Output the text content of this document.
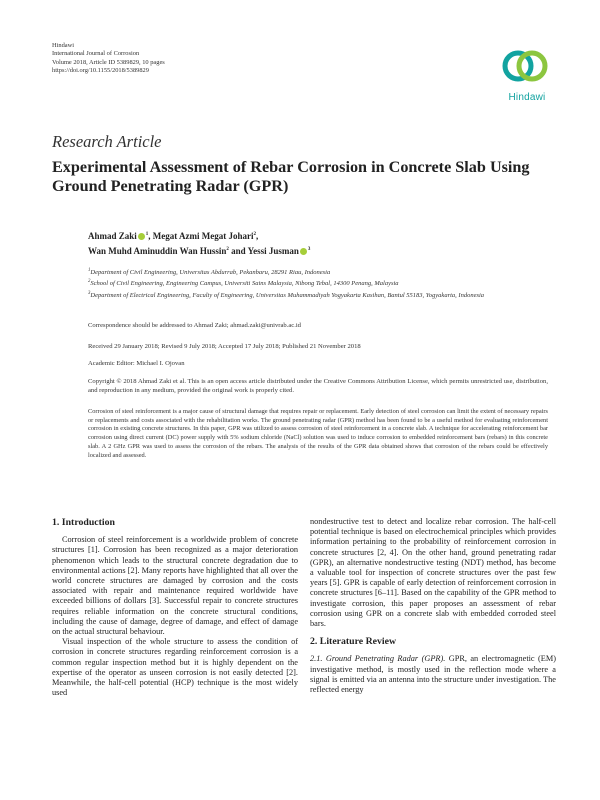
Hindawi
International Journal of Corrosion
Volume 2018, Article ID 5389829, 10 pages
https://doi.org/10.1155/2018/5389829
Hindawi
Research Article
Experimental Assessment of Rebar Corrosion in Concrete Slab Using Ground Penetrating Radar (GPR)
Ahmad Zaki $^1$, Megat Azmi Megat Johari$^2$,
Wan Muhd Aminuddin Wan Hussin$^2$ and Yessi Jusman $^3$
$^1$Department of Civil Engineering, Universitas Abdurrab, Pekanbaru, 28291 Riau, Indonesia
$^2$School of Civil Engineering, Engineering Campus, Universiti Sains Malaysia, Nibong Tebal, 14300 Penang, Malaysia
$^3$Department of Electrical Engineering, Faculty of Engineering, Universitas Muhammadiyah Yogyakarta Kasihan, Bantul 55183, Yogyakarta, Indonesia
Correspondence should be addressed to Ahmad Zaki; ahmad.zaki@univrab.ac.id
Received 29 January 2018; Revised 9 July 2018; Accepted 17 July 2018; Published 21 November 2018
Academic Editor: Michael I. Ojovan
Copyright © 2018 Ahmad Zaki et al. This is an open access article distributed under the Creative Commons Attribution License, which permits unrestricted use, distribution, and reproduction in any medium, provided the original work is properly cited.
Corrosion of steel reinforcement is a major cause of structural damage that requires repair or replacement. Early detection of steel corrosion can limit the extent of necessary repairs or replacements and costs associated with the rehabilitation works. The ground penetrating radar (GPR) method has been found to be a useful method for evaluating reinforcement corrosion in existing concrete structures. In this paper, GPR was utilized to assess corrosion of steel reinforcement in a concrete slab. A technique for accelerating reinforcement bar corrosion using direct current (DC) power supply with 5% sodium chloride (NaCl) solution was used to induce corrosion to embedded reinforcement bars (rebars) in this concrete slab. A 2 GHz GPR was used to assess the corrosion of the rebars. The analysis of the results of the GPR data obtained shows that corrosion of the rebars could be effectively localized and assessed.
1. Introduction

Corrosion of steel reinforcement is a worldwide problem of concrete structures [1]. Corrosion has been recognized as a major deterioration phenomenon which leads to the structural concrete degradation due to environmental actions [2]. Many reports have highlighted that all over the world concrete structures are damaged by corrosion and the costs associated with repair and maintenance required worldwide have exceeded billions of dollars [3]. Successful repair to concrete structures requires reliable information on the concrete structural conditions, including the cause of damage, degree of damage, and effect of damage on the actual structural behaviour.

Visual inspection of the whole structure to assess the condition of corrosion in concrete structures regarding reinforcement corrosion is a common regular inspection method but it is highly dependent on the expertise of the operator as unseen corrosion is not easily detected [2]. Meanwhile, the half-cell potential (HCP) technique is the most widely used

nondestructive test to detect and localize rebar corrosion. The half-cell potential technique is based on electrochemical principles which provides information pertaining to the probability of reinforcement corrosion in concrete structures [2, 4]. On the other hand, ground penetrating radar (GPR), an alternative nondestructive testing (NDT) method, has become a valuable tool for inspection of concrete structures over the past few years [5]. GPR is capable of early detection of reinforcement corrosion in concrete structures [6–11]. Based on the capability of the GPR method to investigate corrosion, this paper proposes an assessment of rebar corrosion using GPR on a concrete slab with embedded corroded steel bars.

2. Literature Review

2.1. Ground Penetrating Radar (GPR). GPR, an electromagnetic (EM) investigative method, is mostly used in the reflection mode where a signal is emitted via an antenna into the structure under investigation. The reflected energy
